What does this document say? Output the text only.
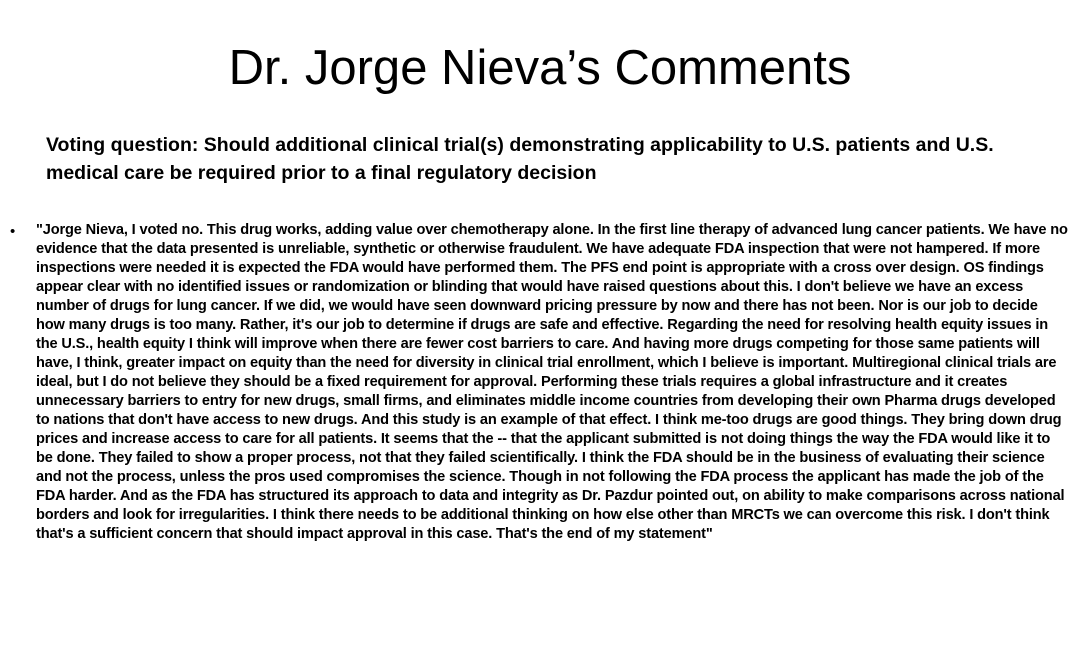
Dr. Jorge Nieva’s Comments

Voting question: Should additional clinical trial(s) demonstrating applicability to U.S. patients and U.S. medical care be required prior to a final regulatory decision

• "Jorge Nieva, I voted no. This drug works, adding value over chemotherapy alone. In the first line therapy of advanced lung cancer patients. We have no evidence that the data presented is unreliable, synthetic or otherwise fraudulent. We have adequate FDA inspection that were not hampered. If more inspections were needed it is expected the FDA would have performed them. The PFS end point is appropriate with a cross over design. OS findings appear clear with no identified issues or randomization or blinding that would have raised questions about this. I don't believe we have an excess number of drugs for lung cancer. If we did, we would have seen downward pricing pressure by now and there has not been. Nor is our job to decide how many drugs is too many. Rather, it's our job to determine if drugs are safe and effective. Regarding the need for resolving health equity issues in the U.S., health equity I think will improve when there are fewer cost barriers to care. And having more drugs competing for those same patients will have, I think, greater impact on equity than the need for diversity in clinical trial enrollment, which I believe is important. Multiregional clinical trials are ideal, but I do not believe they should be a fixed requirement for approval. Performing these trials requires a global infrastructure and it creates unnecessary barriers to entry for new drugs, small firms, and eliminates middle income countries from developing their own Pharma drugs developed to nations that don't have access to new drugs. And this study is an example of that effect. I think me-too drugs are good things. They bring down drug prices and increase access to care for all patients. It seems that the -- that the applicant submitted is not doing things the way the FDA would like it to be done. They failed to show a proper process, not that they failed scientifically. I think the FDA should be in the business of evaluating their science and not the process, unless the pros used compromises the science. Though in not following the FDA process the applicant has made the job of the FDA harder. And as the FDA has structured its approach to data and integrity as Dr. Pazdur pointed out, on ability to make comparisons across national borders and look for irregularities. I think there needs to be additional thinking on how else other than MRCTs we can overcome this risk. I don't think that's a sufficient concern that should impact approval in this case. That's the end of my statement"
